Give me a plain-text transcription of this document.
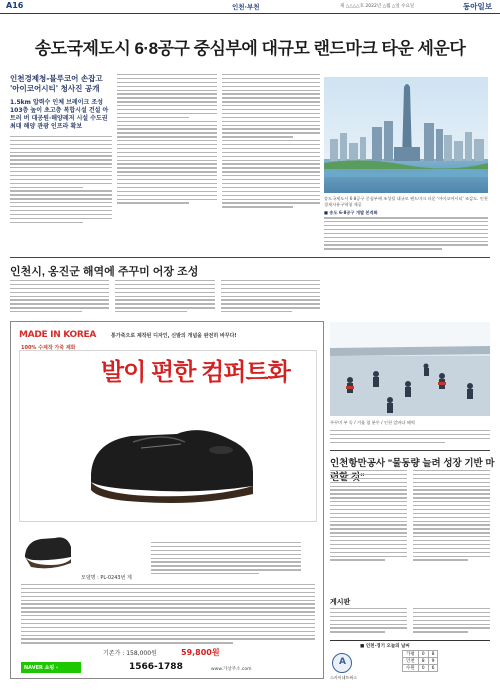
A16	인천·부천	제 △△△△호 2022년 △월 △일 수요일	동아일보
송도국제도시 6·8공구 중심부에 대규모 랜드마크 타운 세운다
인천경제청-블루코어 손잡고 '아이코어시티' 청사진 공개
1.5km 압력수 인체 브레이크 조성 103층 높이 초고층 복합시설 건설 아트러 버 대공원·해양레저 시설 수도권 최대 해양 관광 인프라 확보
송도국제도시 6·8공구 중심부에 조성될 대규모 랜드마크 타운 '아이코어시티' 조감도. 인천경제자유구역청 제공
■ 송도 6·8공구 개발 본격화
인천시, 옹진군 해역에 주꾸미 어장 조성
MADE IN KOREA	통가죽으로 제작된 디자인, 신발의 개념을 완전히 바꾸다!
100% 수제작 가죽 제화
발이 편한 컴퍼트화
모델명 : PL-0243번 계
기존가 : 158,000원	59,800원
NAVER 쇼핑 ‹	1566-1788	www.가상주소.com
주꾸미 부 독 / 겨울 철 분투 / 인천 앞바다 해역
인천항만공사 "물동량 늘려 성장 기반 마
게시판
■ 인천·경기 오늘의 날씨
A
스카이네트웍스
가평	0	8
인천	8	9
수원	0	6
